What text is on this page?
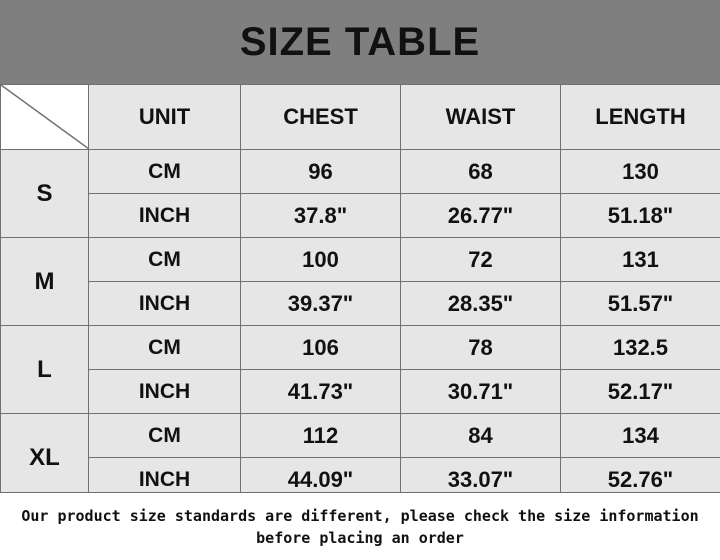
SIZE TABLE
	UNIT	CHEST	WAIST	LENGTH
S	CM	96	68	130
	INCH	37.8"	26.77"	51.18"
M	CM	100	72	131
	INCH	39.37"	28.35"	51.57"
L	CM	106	78	132.5
	INCH	41.73"	30.71"	52.17"
XL	CM	112	84	134
	INCH	44.09"	33.07"	52.76"
Our product size standards are different, please check the size information
before placing an order
